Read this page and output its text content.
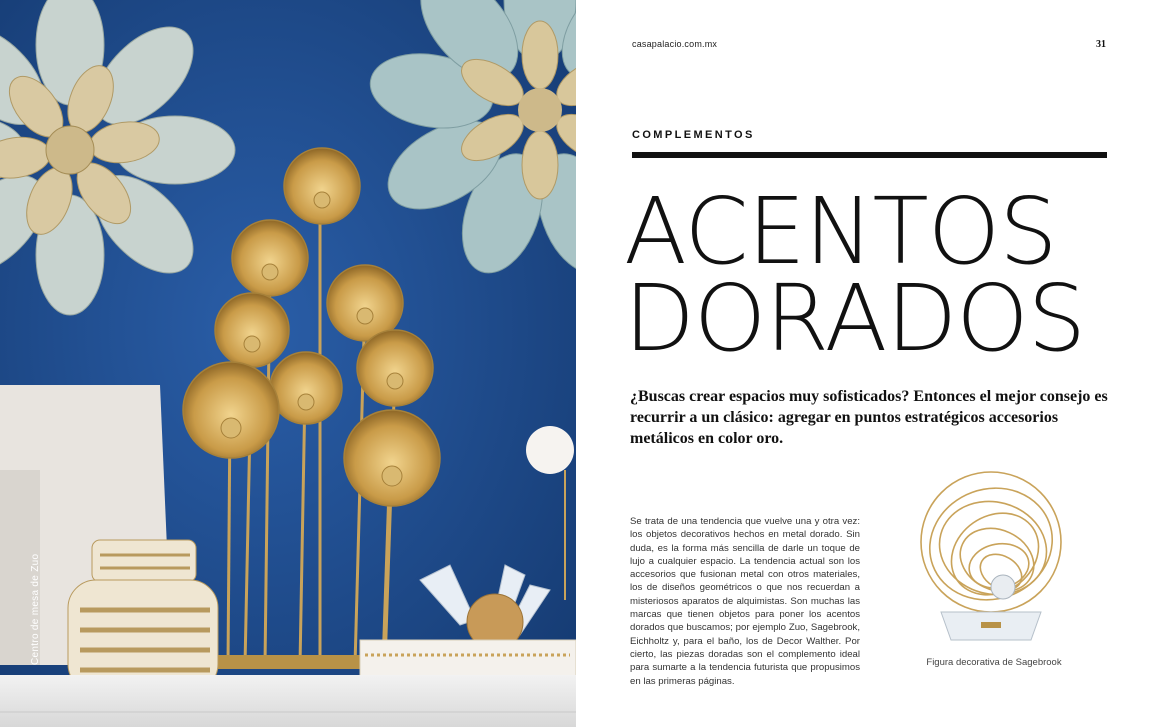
Centro de mesa de Zuo
casapalacio.com.mx	31
COMPLEMENTOS
ACENTOS
DORADOS
¿Buscas crear espacios muy sofisticados? Entonces el mejor consejo es recurrir a un clásico: agregar en puntos estratégicos accesorios metálicos en color oro.
Se trata de una tendencia que vuelve una y otra vez: los objetos decorativos hechos en metal dorado. Sin duda, es la forma más sencilla de darle un toque de lujo a cualquier espacio. La tendencia actual son los accesorios que fusionan metal con otros materiales, los de diseños geométricos o que nos recuerdan a misteriosos aparatos de alquimistas. Son muchas las marcas que tienen objetos para poner los acentos dorados que buscamos; por ejemplo Zuo, Sagebrook, Eichholtz y, para el baño, los de Decor Walther. Por cierto, las piezas doradas son el complemento ideal para sumarte a la tendencia futurista que propusimos en las primeras páginas.
Figura decorativa de Sagebrook
